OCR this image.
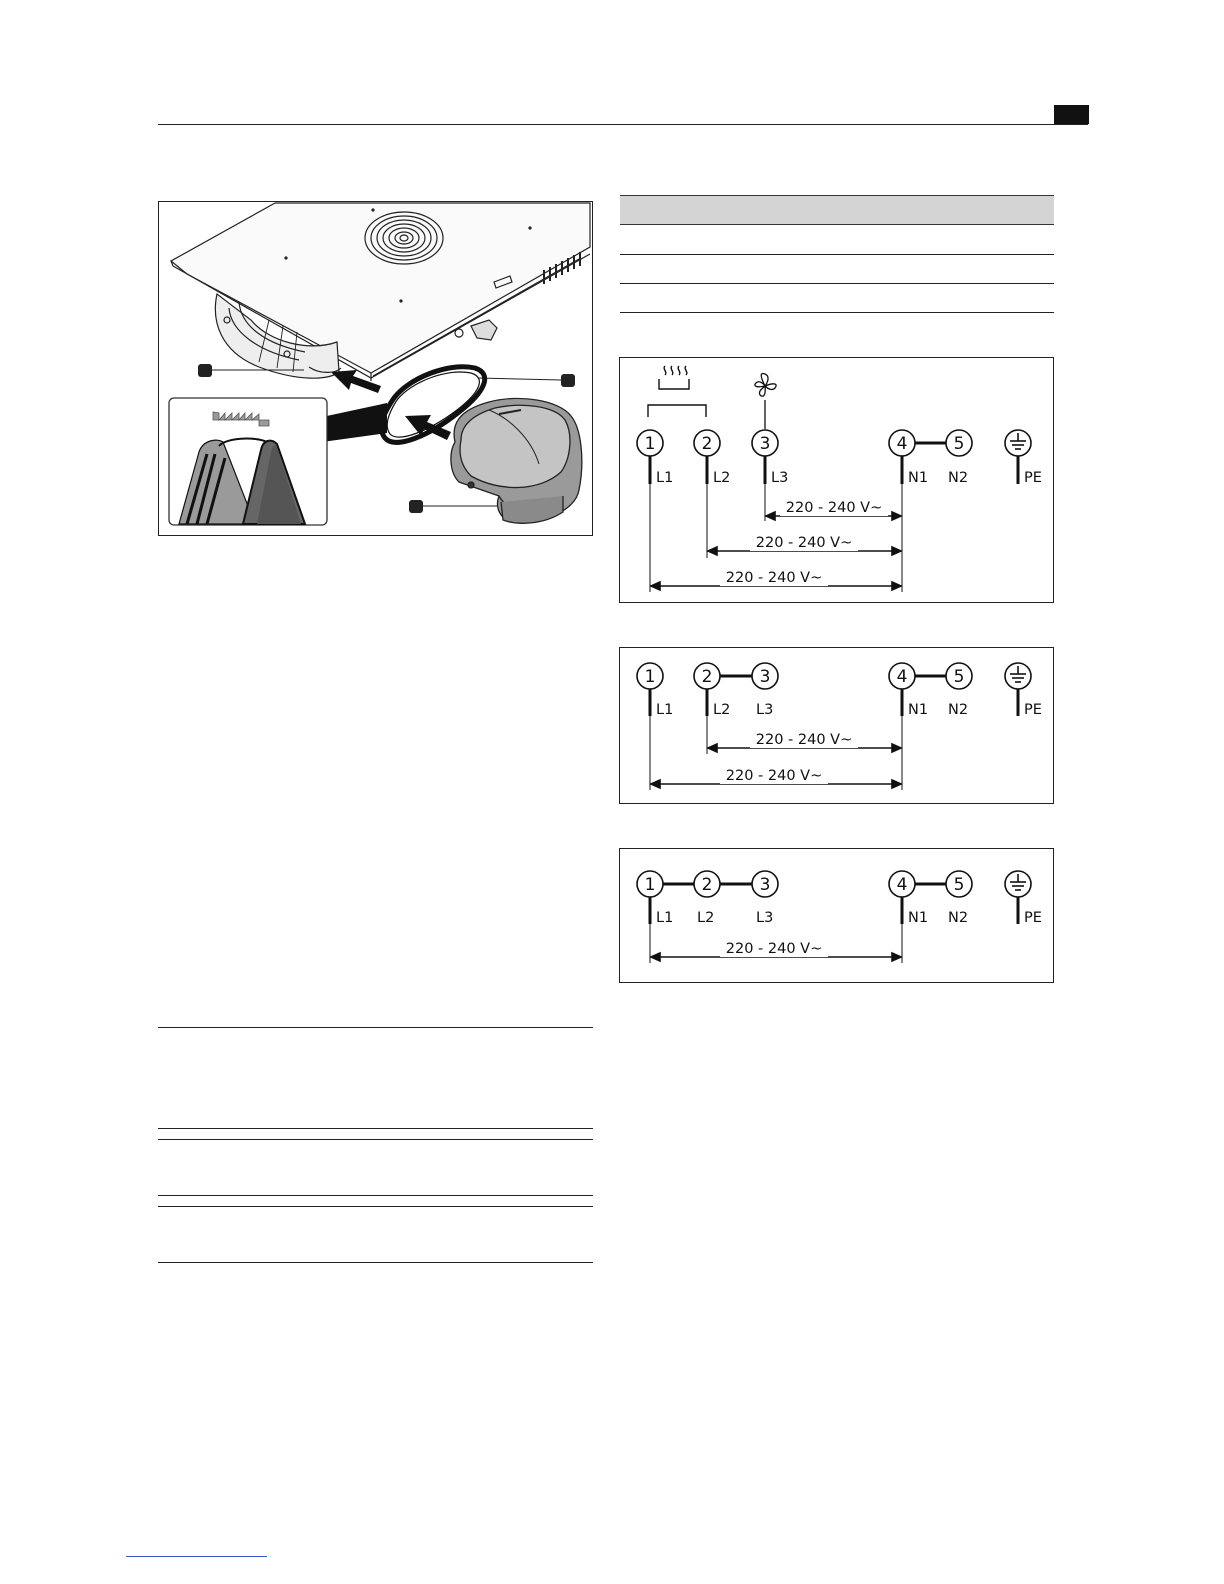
1	2	3	4	5
L1	L2	L3	N1 N2	PE
220 - 240 V~
220 - 240 V~
220 - 240 V~
1	2	3	4	5
L1	L2 L3	N1 N2	PE
220 - 240 V~
220 - 240 V~
1	2	3	4	5
L1 L2	L3	N1 N2	PE
220 - 240 V~
